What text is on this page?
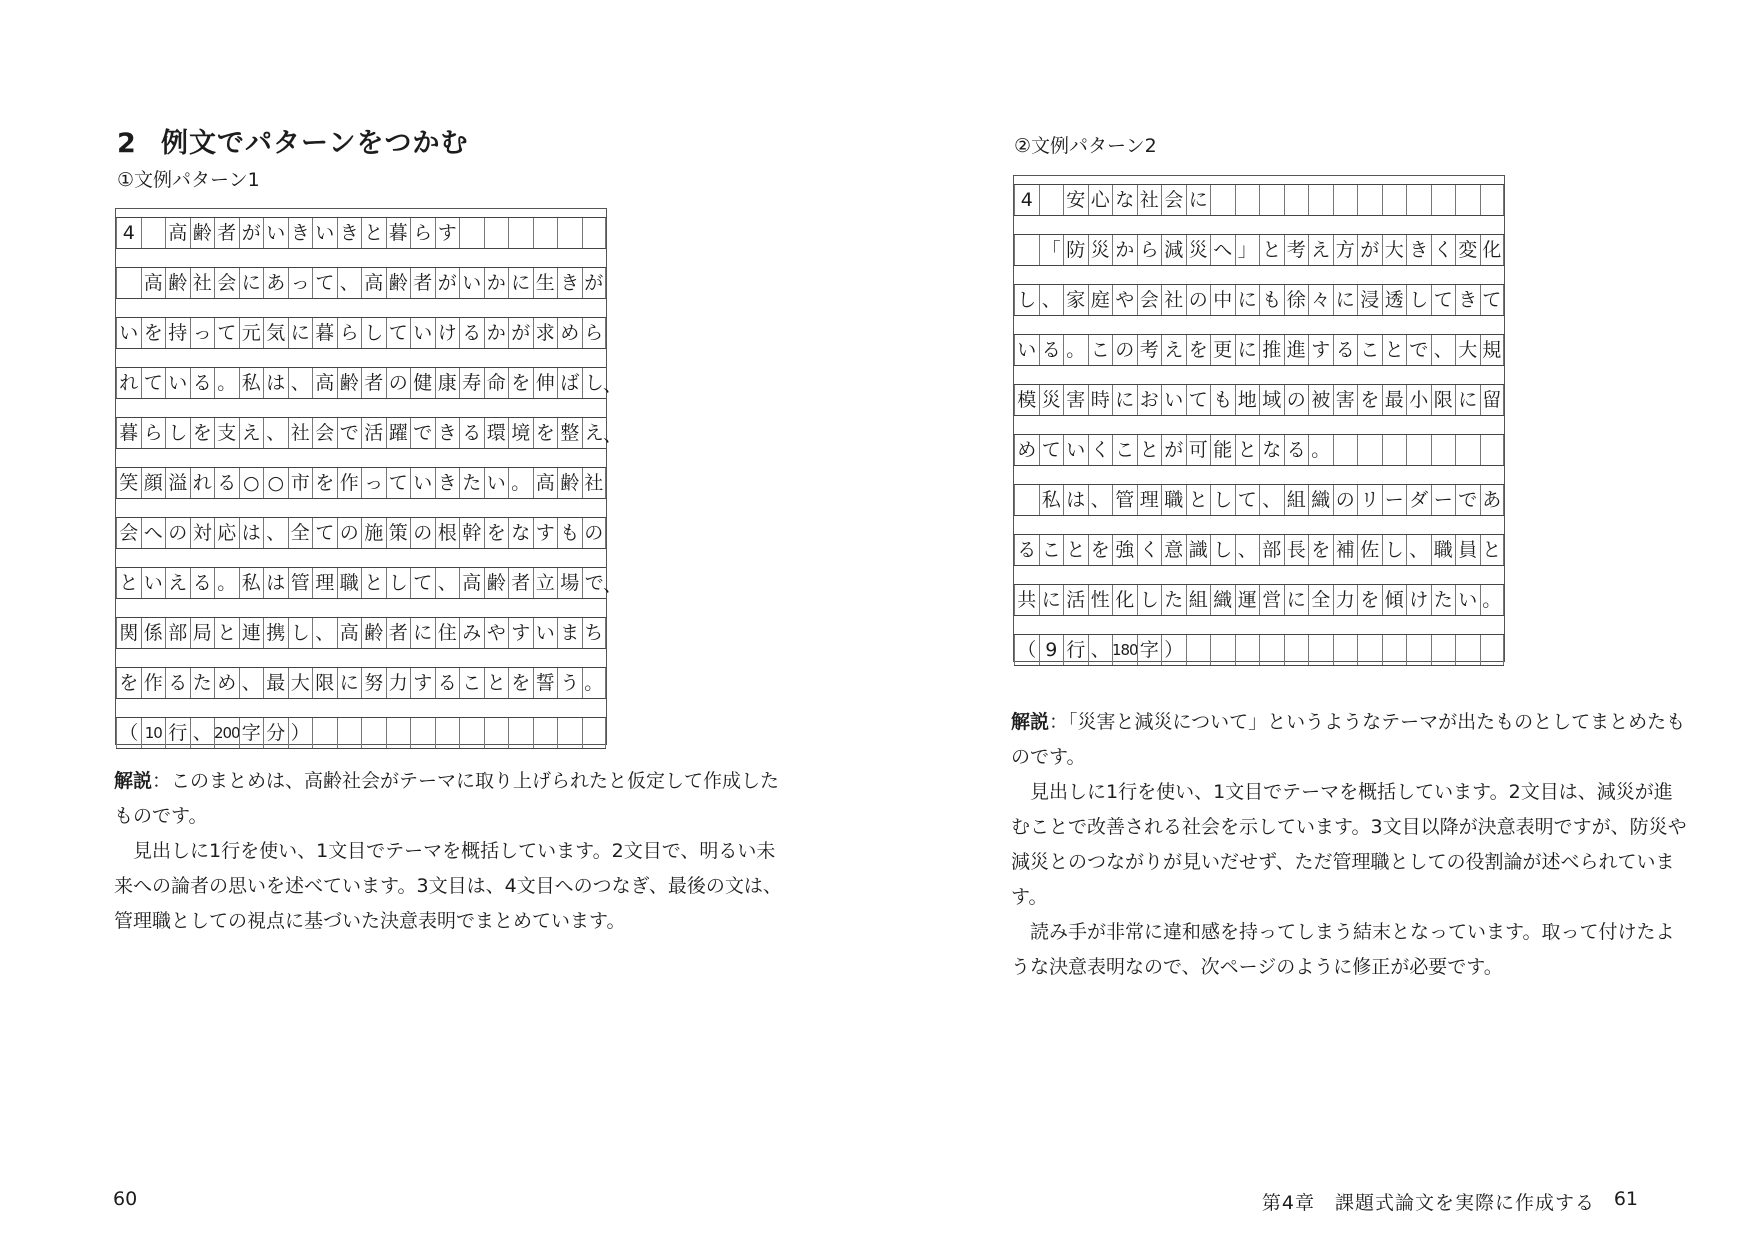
2 例文でパターンをつかむ
①文例パターン1
4	高 齢 者 が い き い き と 暮 ら す
高 齢 社 会 に あ っ て 、 高 齢 者 が い か に 生 き が
い を 持 っ て 元 気 に 暮 ら し て い け る か が 求 め ら
れ て い る 。 私 は 、 高 齢 者 の 健 康 寿 命 を 伸 ば し 、
暮 ら し を 支 え 、 社 会 で 活 躍 で き る 環 境 を 整 え 、
笑 顔 溢 れ る ○ ○ 市 を 作 っ て い き た い 。 高 齢 社
会 へ の 対 応 は 、 全 て の 施 策 の 根 幹 を な す も の
と い え る 。 私 は 管 理 職 と し て 、 高 齢 者 立 場 で 、
関 係 部 局 と 連 携 し 、 高 齢 者 に 住 み や す い ま ち
を 作 る た め 、 最 大 限 に 努 力 す る こ と を 誓 う 。
（ 10 行 、 200 字 分 ）

解説：このまとめは、高齢社会がテーマに取り上げられたと仮定して作成したものです。

見出しに1行を使い、1文目でテーマを概括しています。2文目で、明るい未来への論者の思いを述べています。3文目は、4文目へのつなぎ、最後の文は、管理職としての視点に基づいた決意表明でまとめています。

60
②文例パターン2
4	安 心 な 社 会 に
「 防 災 か ら 減 災 へ 」 と 考 え 方 が 大 き く 変 化
し 、 家 庭 や 会 社 の 中 に も 徐 々 に 浸 透 し て き て
い る 。 こ の 考 え を 更 に 推 進 す る こ と で 、 大 規
模 災 害 時 に お い て も 地 域 の 被 害 を 最 小 限 に 留
め て い く こ と が 可 能 と な る 。
私 は 、 管 理 職 と し て 、 組 織 の リ ー ダ ー で あ
る こ と を 強 く 意 識 し 、 部 長 を 補 佐 し 、 職 員 と
共 に 活 性 化 し た 組 織 運 営 に 全 力 を 傾 け た い 。
（ 9 行 、 180 字 ）

解説：「災害と減災について」というようなテーマが出たものとしてまとめたものです。

見出しに1行を使い、1文目でテーマを概括しています。2文目は、減災が進むことで改善される社会を示しています。3文目以降が決意表明ですが、防災や減災とのつながりが見いだせず、ただ管理職としての役割論が述べられています。

読み手が非常に違和感を持ってしまう結末となっています。取って付けたような決意表明なので、次ページのように修正が必要です。

第4章　課題式論文を実際に作成する 61
